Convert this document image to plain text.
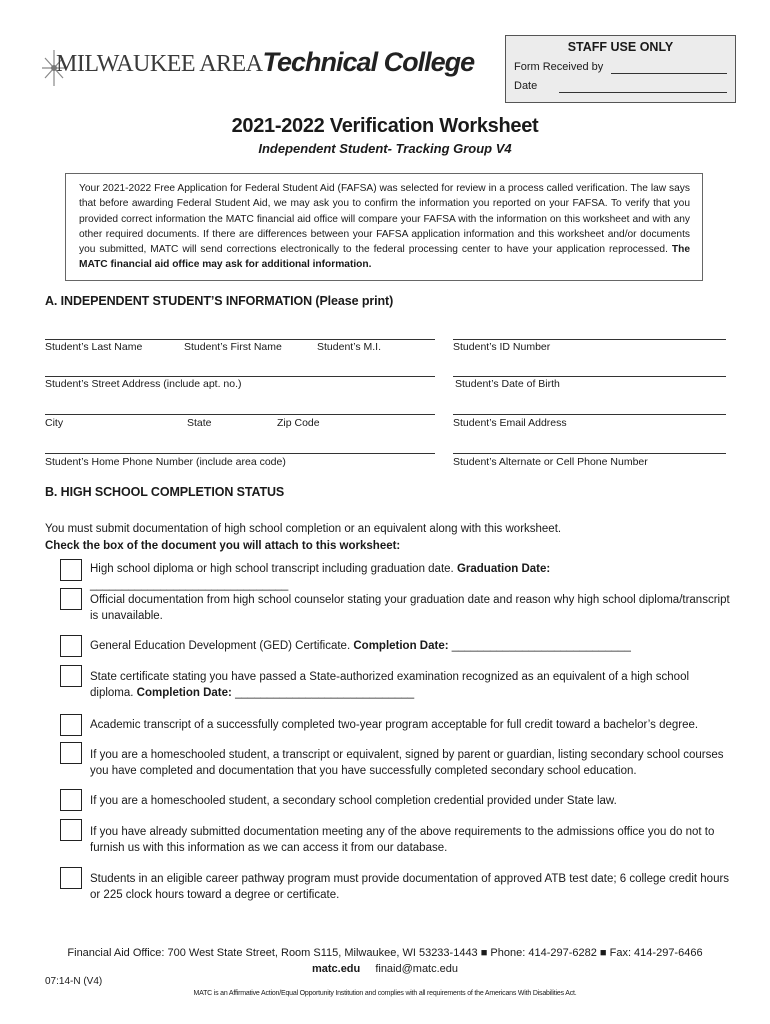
MILWAUKEE AREATechnical College	STAFF USE ONLY
Form Received by
Date
2021-2022 Verification Worksheet
Independent Student- Tracking Group V4
Your 2021-2022 Free Application for Federal Student Aid (FAFSA) was selected for review in a process called verification. The law says that before awarding Federal Student Aid, we may ask you to confirm the information you reported on your FAFSA. To verify that you provided correct information the MATC financial aid office will compare your FAFSA with the information on this worksheet and with any other required documents. If there are differences between your FAFSA application information and this worksheet and/or documents you submitted, MATC will send corrections electronically to the federal processing center to have your application reprocessed. The MATC financial aid office may ask for additional information.
A. INDEPENDENT STUDENT’S INFORMATION (Please print)
Student’s Last Name	Student’s First Name	Student’s M.I.	Student’s ID Number
Student’s Street Address (include apt. no.)	Student’s Date of Birth
City	State	Zip Code	Student’s Email Address
Student’s Home Phone Number (include area code)	Student’s Alternate or Cell Phone Number
B. HIGH SCHOOL COMPLETION STATUS
You must submit documentation of high school completion or an equivalent along with this worksheet.
Check the box of the document you will attach to this worksheet:
High school diploma or high school transcript including graduation date. Graduation Date: _______________________________
Official documentation from high school counselor stating your graduation date and reason why high school diploma/transcript is unavailable.
General Education Development (GED) Certificate. Completion Date: ____________________________
State certificate stating you have passed a State-authorized examination recognized as an equivalent of a high school diploma. Completion Date: ____________________________
Academic transcript of a successfully completed two-year program acceptable for full credit toward a bachelor’s degree.
If you are a homeschooled student, a transcript or equivalent, signed by parent or guardian, listing secondary school courses you have completed and documentation that you have successfully completed secondary school education.
If you are a homeschooled student, a secondary school completion credential provided under State law.
If you have already submitted documentation meeting any of the above requirements to the admissions office you do not to furnish us with this information as we can access it from our database.
Students in an eligible career pathway program must provide documentation of approved ATB test date; 6 college credit hours or 225 clock hours toward a degree or certificate.
Financial Aid Office: 700 West State Street, Room S115, Milwaukee, WI 53233-1443 ■ Phone: 414-297-6282 ■ Fax: 414-297-6466
matc.edu finaid@matc.edu
07:14-N (V4)
MATC is an Affirmative Action/Equal Opportunity Institution and complies with all requirements of the Americans With Disabilities Act.
